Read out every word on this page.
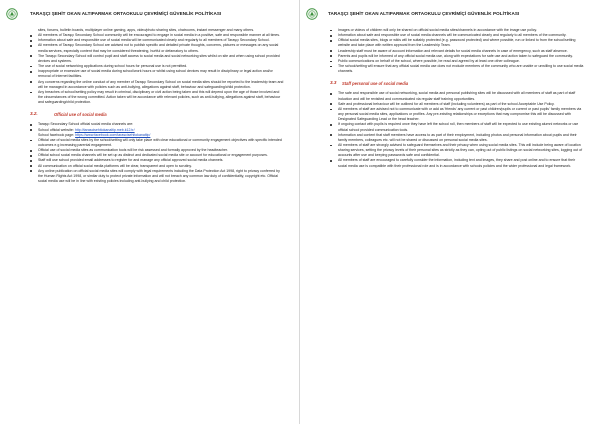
TARAŞÇI ŞEHİT OKAN ALTIPARMAK ORTAOKULU ÇEVRİMİÇİ GÜVENLİK POLİTİKASI
sites, forums, bulletin boards, multiplayer online gaming, apps, video/photo sharing sites, chatrooms, instant messenger and many others.
All members of Taraşçı Secondary School community will be encouraged to engage in social media in a positive, safe and responsible manner at all times.
Information about safe and responsible use of social media will be communicated clearly and regularly to all members of Taraşçı Secondary School.
All members of Taraşçı Secondary School are advised not to publish specific and detailed private thoughts, concerns, pictures or messages on any social media services, especially content that may be considered threatening, hurtful or defamatory to others.
The Taraşçı Secondary School will control pupil and staff access to social media and social networking sites whilst on site and when using school provided devices and systems.
The use of social networking applications during school hours for personal use is not permitted.
Inappropriate or excessive use of social media during school/work hours or whilst using school devices may result in disciplinary or legal action and/or removal of Internet facilities.
Any concerns regarding the online conduct of any member of Taraşçı Secondary School on social media sites should be reported to the leadership team and will be managed in accordance with policies such as anti-bullying, allegations against staff, behaviour and safeguarding/child protection.
Any breaches of school/setting policy may result in criminal, disciplinary or civil action being taken and this will depend upon the age of those involved and the circumstances of the wrong committed. Action taken will be accordance with relevant policies, such as anti-bullying, allegations against staff, behaviour and safeguarding/child protection.
3.2.	Official use of social media
Taraşçı Secondary School official social media channels are:
School official website: http://tarascisehitokanaltip.meb.k12.tr/
School facebook page: https://www.facebook.com/tarascisehitokanaltip/
Official use of social media sites by the school/setting will only take place with clear educational or community engagement objectives with specific intended outcomes e.g increasing parental engagement.
Official use of social media sites as communication tools will be risk assessed and formally approved by the headteacher.
Official school social media channels will be set up as distinct and dedicated social media site or account for educational or engagement purposes.
Staff will use school provided email addresses to register for and manage any official approved social media channels.
All communication on official social media platforms will be clear, transparent and open to scrutiny.
Any online publication on official social media sites will comply with legal requirements including the Data Protection Act 1998, right to privacy conferred by the Human Rights Act 1998, or similar duty to protect private information and will not breach any common law duty of confidentiality, copyright etc. Official social media use will be in line with existing policies including anti-bullying and child protection.
TARAŞÇI ŞEHİT OKAN ALTIPARMAK ORTAOKULU ÇEVRİMİÇİ GÜVENLİK POLİTİKASI
Images or videos of children will only be shared on official social media sites/channels in accordance with the image use policy.
Information about safe and responsible use of social media channels will be communicated clearly and regularly to all members of the community.
Official social media sites, blogs or wikis will be suitably protected (e.g. password protected) and where possible, run or linked to from the school/setting website and take place with written approval from the Leadership Team.
Leadership staff must be aware of account information and relevant details for social media channels in case of emergency, such as staff absence.
Parents and pupils will be informed of any official social media use, along with expectations for safe use and action taken to safeguard the community.
Public communications on behalf of the school, where possible, be read and agreed by at least one other colleague.
The school/setting will ensure that any official social media use does not exclude members of the community who are unable or unwilling to use social media channels.
3.3 Staff personal use of social media
The safe and responsible use of social networking, social media and personal publishing sites will be discussed with all members of staff as part of staff induction and will be revisited and communicated via regular staff training opportunities.
Safe and professional behaviour will be outlined for all members of staff (including volunteers) as part of the school Acceptable Use Policy.
All members of staff are advised not to communicate with or add as 'friends' any current or past children/pupils or current or past pupils' family members via any personal social media sites, applications or profiles. Any pre-existing relationships or exceptions that may compromise this will be discussed with Designated Safeguarding Lead or the head teacher.
If ongoing contact with pupils is required once they have left the school roll, then members of staff will be expected to use existing alumni networks or use official school provided communication tools.
Information and content that staff members have access to as part of their employment, including photos and personal information about pupils and their family members, colleagues etc. will not be shared or discussed on personal social media sites.
All members of staff are strongly advised to safeguard themselves and their privacy when using social media sites. This will include being aware of location sharing services, setting the privacy levels of their personal sites as strictly as they can, opting out of public listings on social networking sites, logging out of accounts after use and keeping passwords safe and confidential.
All members of staff are encouraged to carefully consider the information, including text and images, they share and post online and to ensure that their social media use is compatible with their professional role and is in accordance with schools policies and the wider professional and legal framework.
